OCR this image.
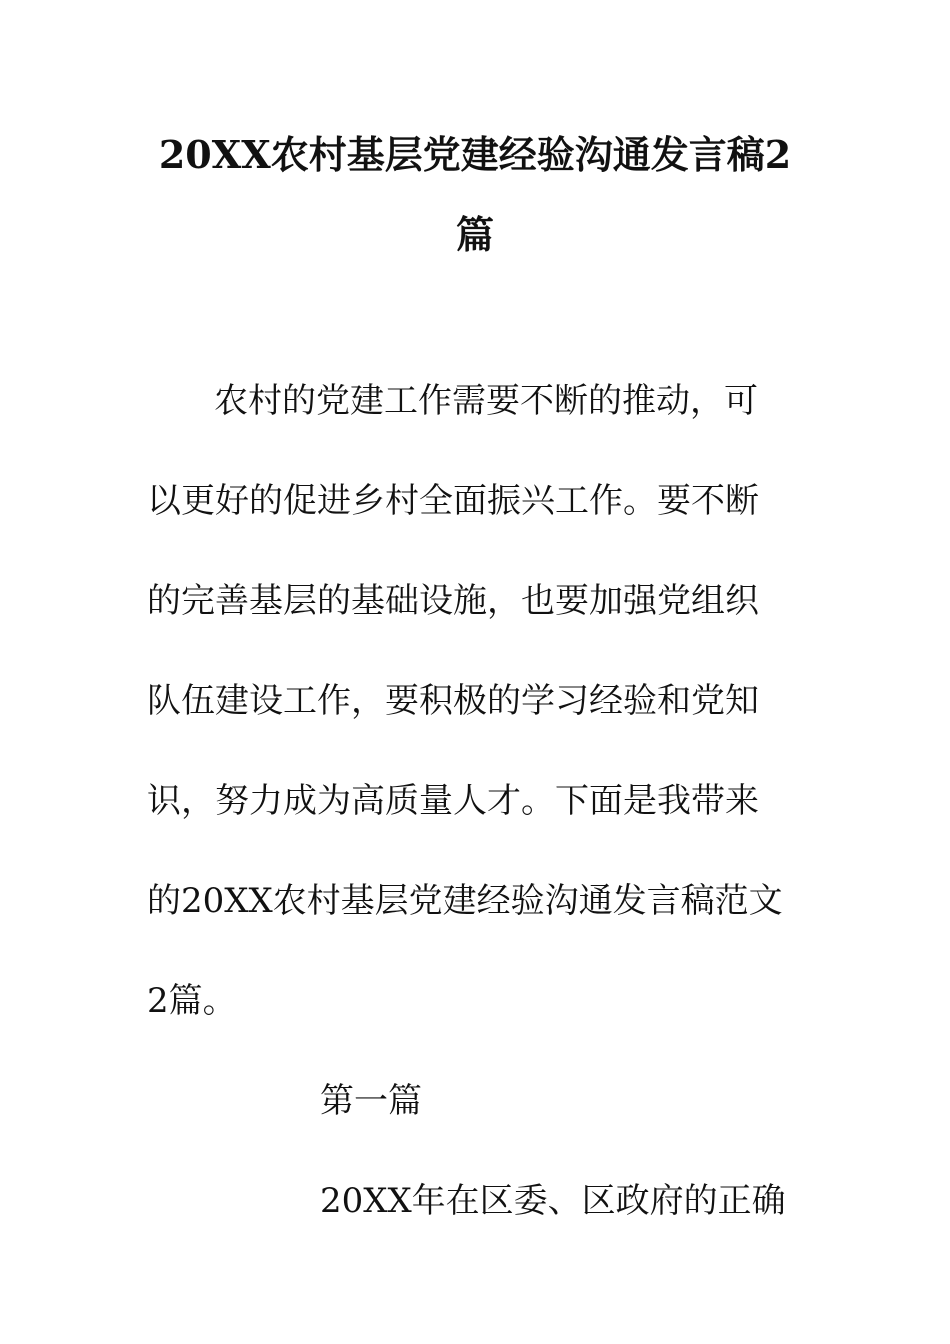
20XX农村基层党建经验沟通发言稿2
篇
农村的党建工作需要不断的推动，可
以更好的促进乡村全面振兴工作。要不断
的完善基层的基础设施，也要加强党组织
队伍建设工作，要积极的学习经验和党知
识，努力成为高质量人才。下面是我带来
的20XX农村基层党建经验沟通发言稿范文
2篇。
第一篇
20XX年在区委、区政府的正确
